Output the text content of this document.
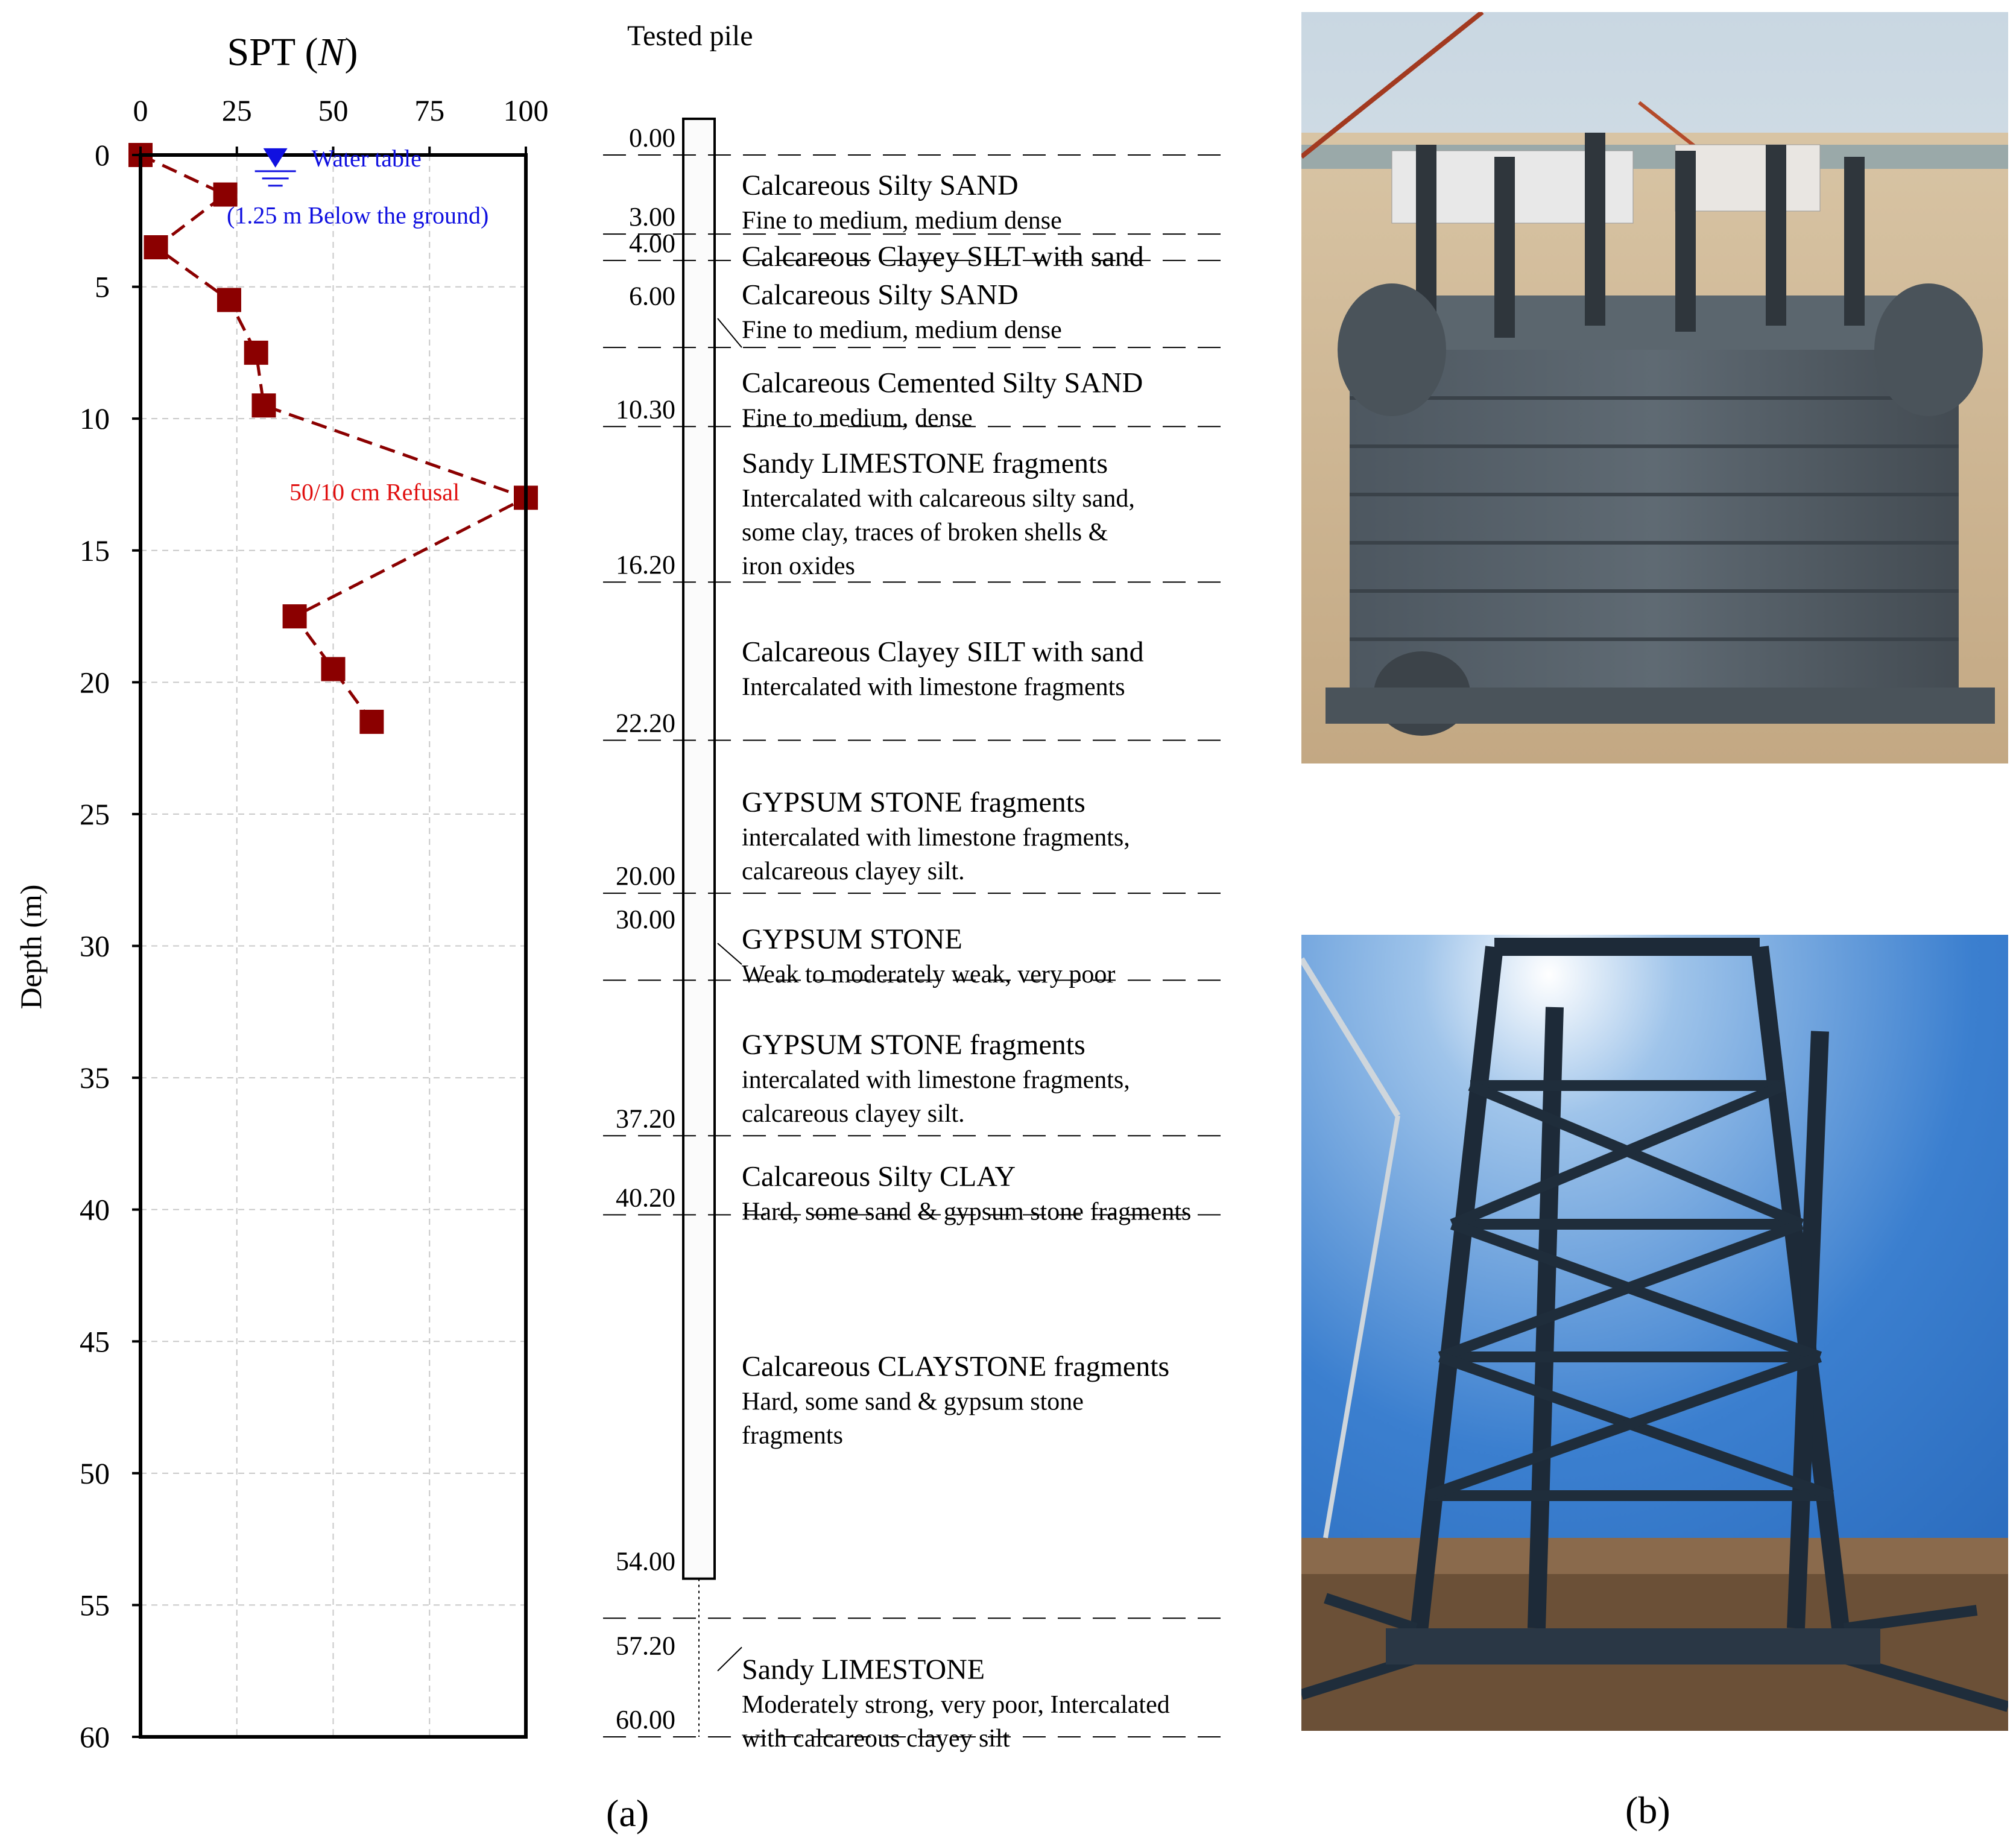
0 25 50 75 100
0
5
10
15
20
25
30
35
40
45
50
55
60
Water table
(1.25 m Below the ground)
50/10 cm Refusal
0.00
3.00
4.00
6.00
10.30
16.20
22.20
20.00
30.00
37.20
40.20
54.00
57.20
60.00
Calcareous Silty SAND
Fine to medium, medium dense
Calcareous Clayey SILT with sand
Calcareous Silty SAND
Fine to medium, medium dense
Calcareous Cemented Silty SAND
Fine to medium, dense
Sandy LIMESTONE fragments
Intercalated with calcareous silty sand,
some clay, traces of broken shells &
iron oxides
Calcareous Clayey SILT with sand
Intercalated with limestone fragments
GYPSUM STONE fragments
intercalated with limestone fragments,
calcareous clayey silt.
GYPSUM STONE
Weak to moderately weak, very poor
GYPSUM STONE fragments
intercalated with limestone fragments,
calcareous clayey silt.
Calcareous Silty CLAY
Hard, some sand & gypsum stone fragments
Calcareous CLAYSTONE fragments
Hard, some sand & gypsum stone
fragments
Sandy LIMESTONE
Moderately strong, very poor, Intercalated
with calcareous clayey silt
SPT (N)
Depth (m)
Tested pile
(a)	(b)
